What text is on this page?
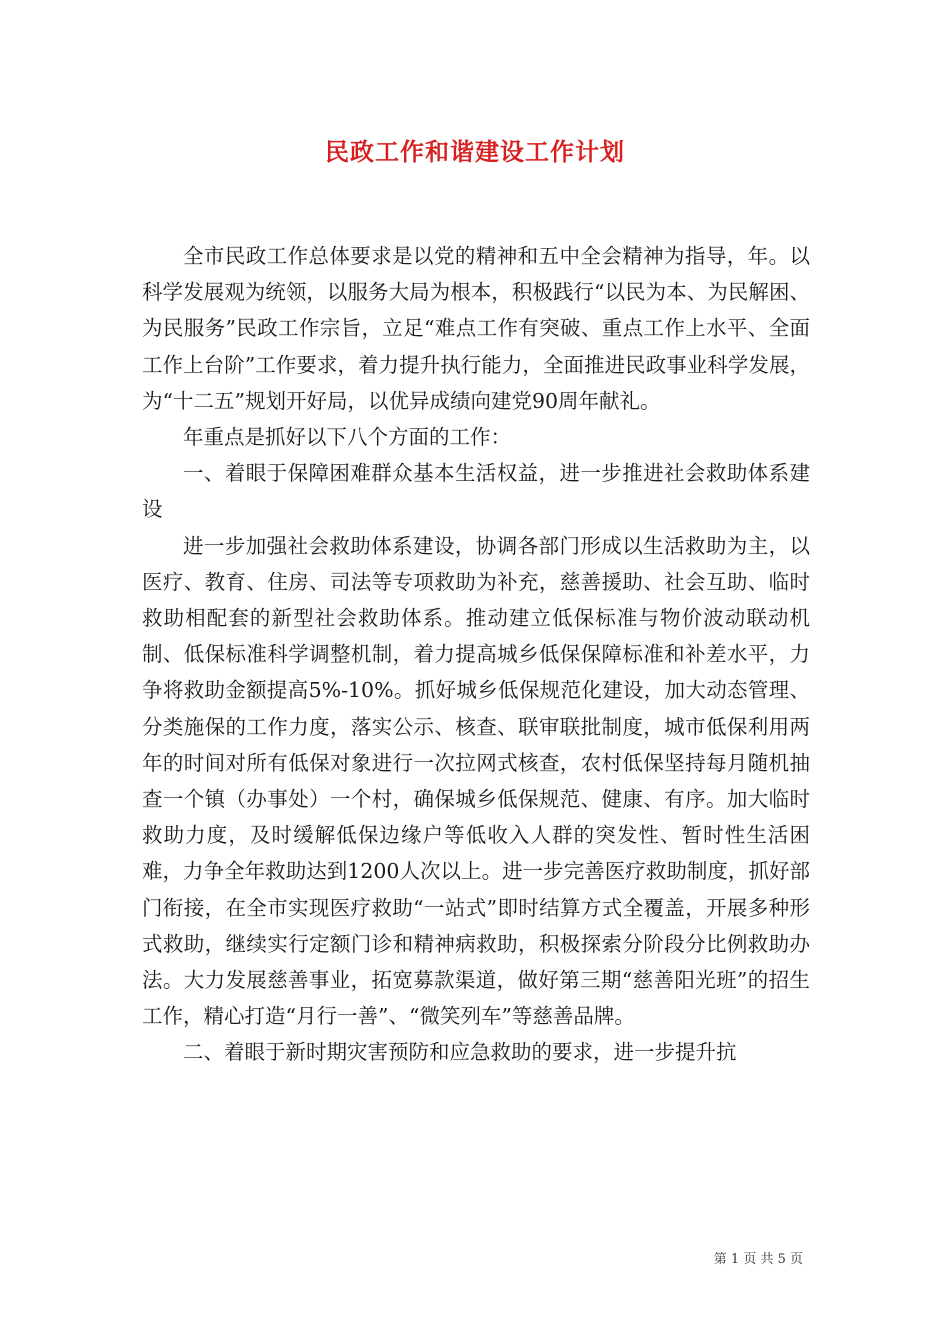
民政工作和谐建设工作计划

全市民政工作总体要求是以党的精神和五中全会精神为指导，年。以科学发展观为统领，以服务大局为根本，积极践行“以民为本、为民解困、为民服务”民政工作宗旨，立足“难点工作有突破、重点工作上水平、全面工作上台阶”工作要求，着力提升执行能力，全面推进民政事业科学发展，为“十二五”规划开好局，以优异成绩向建党90周年献礼。

年重点是抓好以下八个方面的工作：

一、着眼于保障困难群众基本生活权益，进一步推进社会救助体系建设

进一步加强社会救助体系建设，协调各部门形成以生活救助为主，以医疗、教育、住房、司法等专项救助为补充，慈善援助、社会互助、临时救助相配套的新型社会救助体系。推动建立低保标准与物价波动联动机制、低保标准科学调整机制，着力提高城乡低保保障标准和补差水平，力争将救助金额提高5%-10%。抓好城乡低保规范化建设，加大动态管理、分类施保的工作力度，落实公示、核查、联审联批制度，城市低保利用两年的时间对所有低保对象进行一次拉网式核查，农村低保坚持每月随机抽查一个镇（办事处）一个村，确保城乡低保规范、健康、有序。加大临时救助力度，及时缓解低保边缘户等低收入人群的突发性、暂时性生活困难，力争全年救助达到1200人次以上。进一步完善医疗救助制度，抓好部门衔接，在全市实现医疗救助“一站式”即时结算方式全覆盖，开展多种形式救助，继续实行定额门诊和精神病救助，积极探索分阶段分比例救助办法。大力发展慈善事业，拓宽募款渠道，做好第三期“慈善阳光班”的招生工作，精心打造“月行一善”、“微笑列车”等慈善品牌。

二、着眼于新时期灾害预防和应急救助的要求，进一步提升抗

第 1 页 共 5 页
